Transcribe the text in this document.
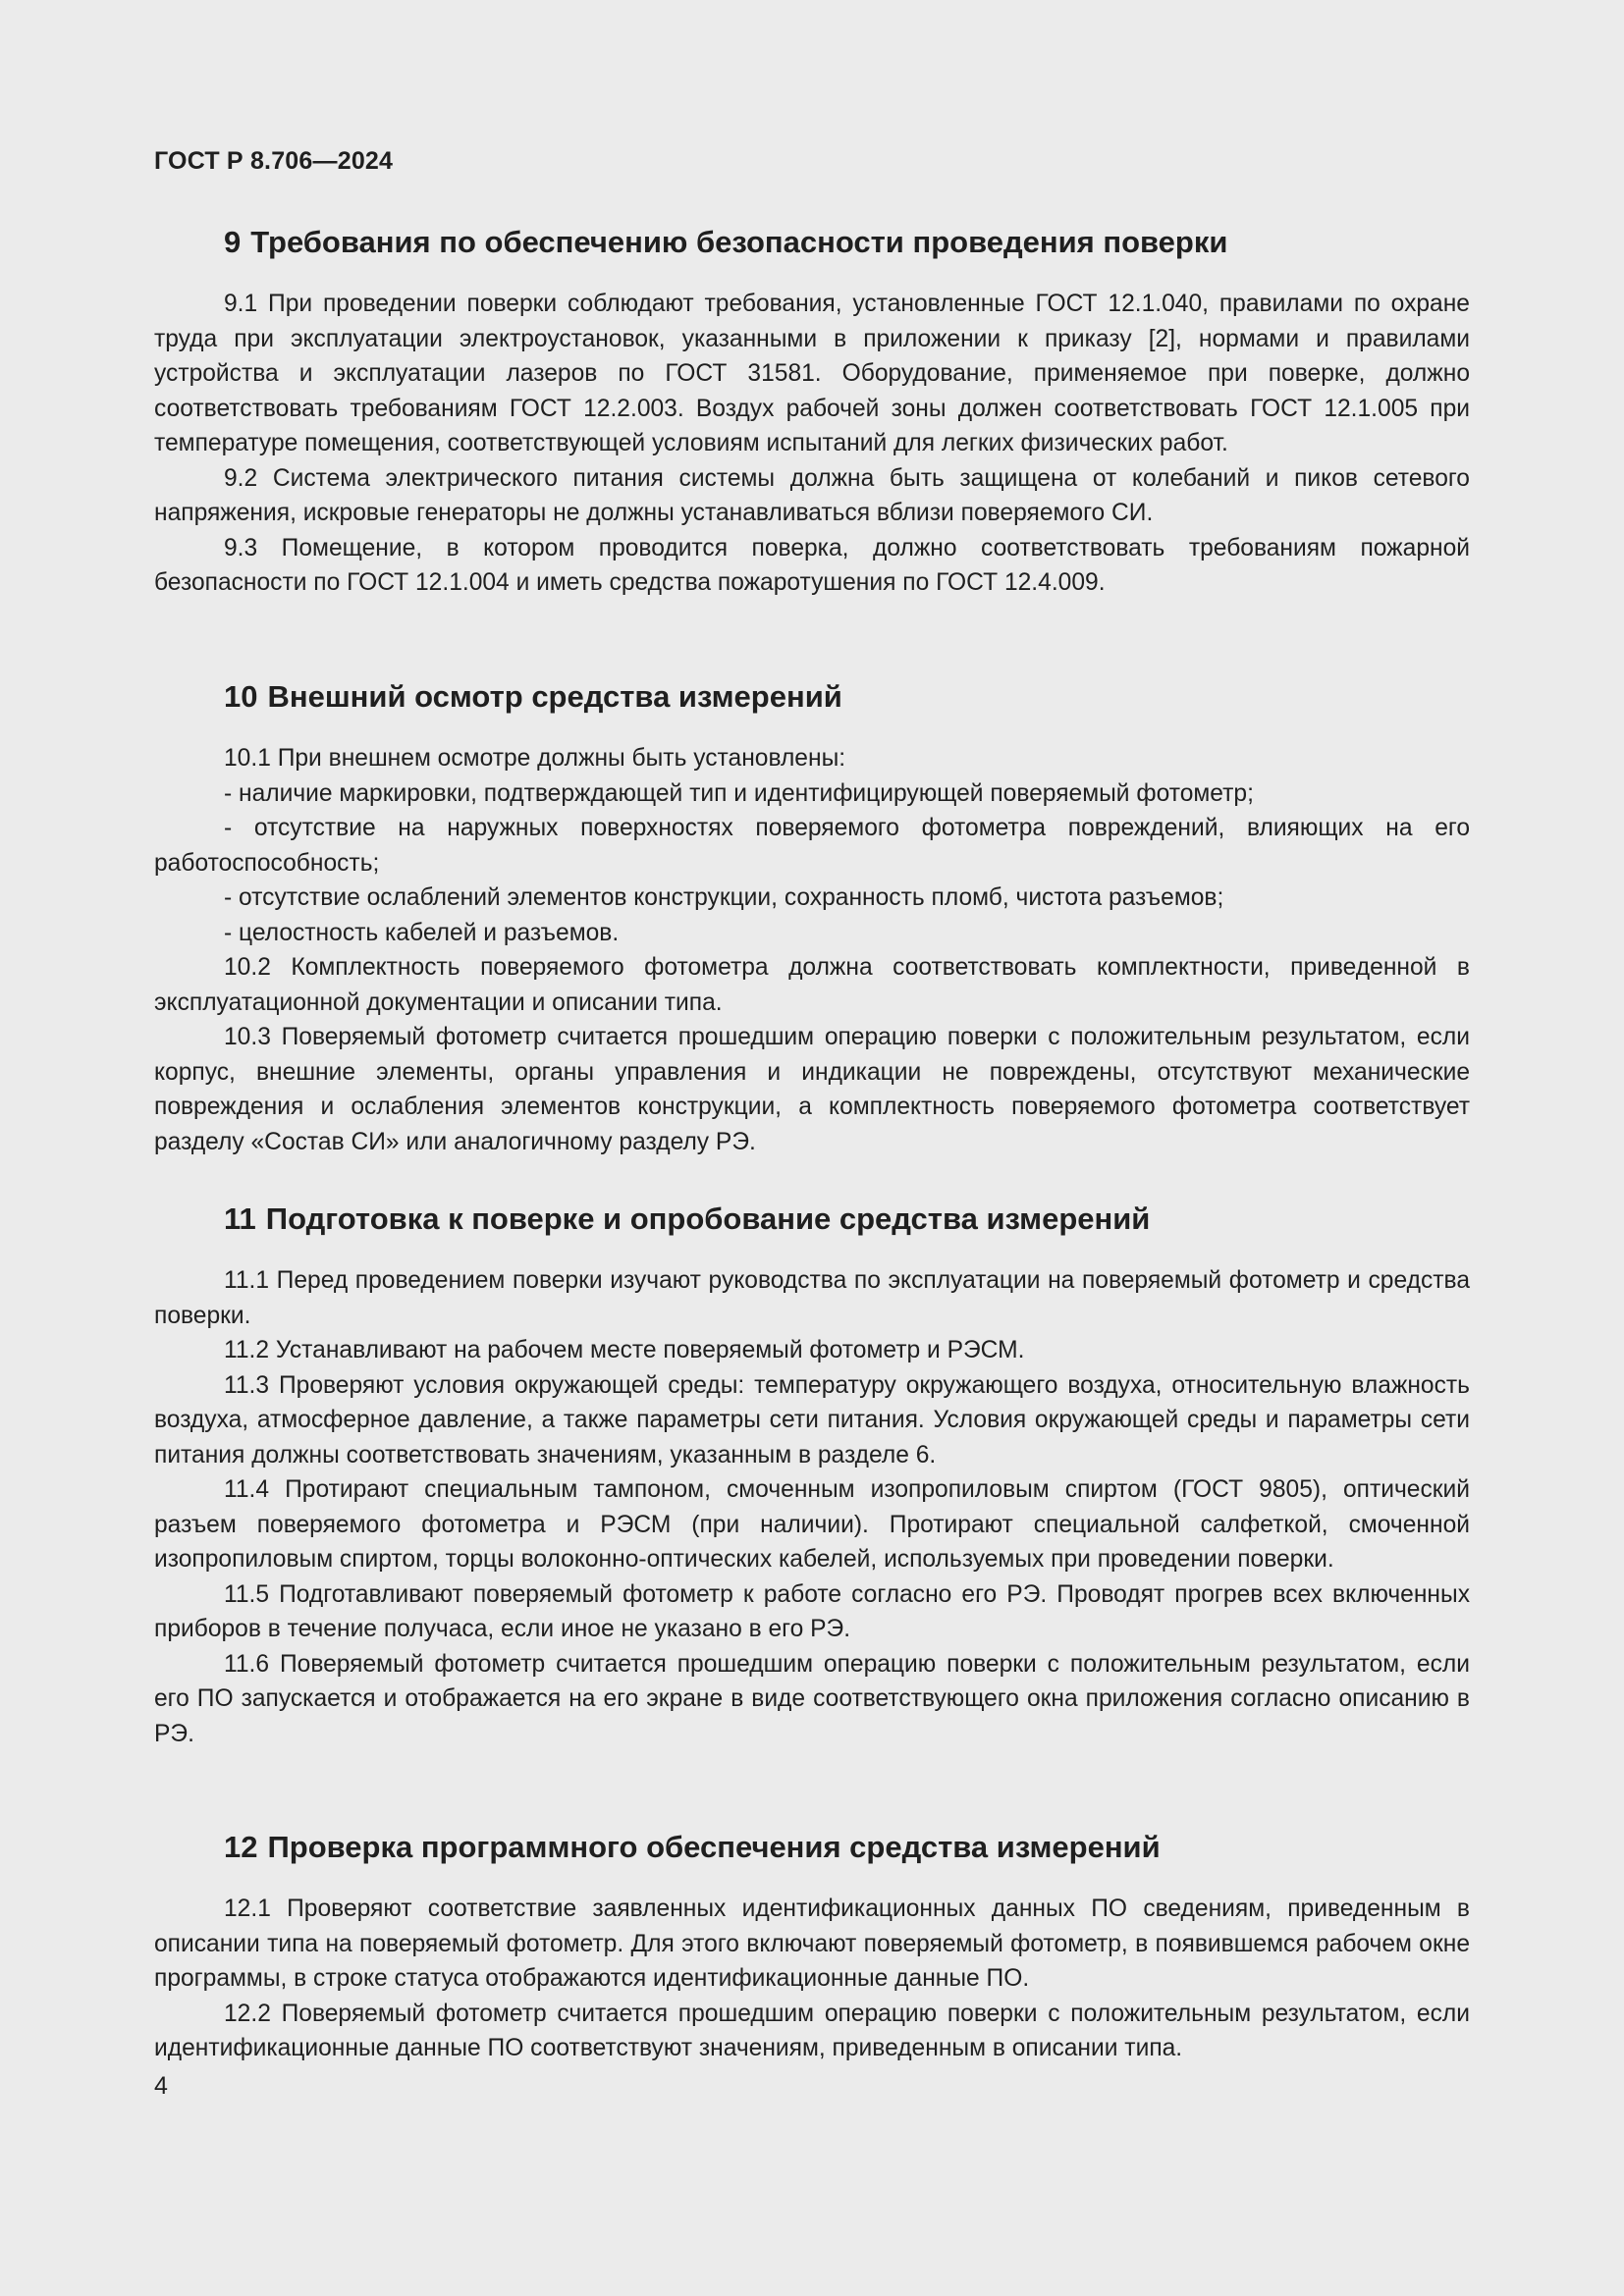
ГОСТ Р 8.706—2024
9 Требования по обеспечению безопасности проведения поверки

9.1 При проведении поверки соблюдают требования, установленные ГОСТ 12.1.040, правилами по охране труда при эксплуатации электроустановок, указанными в приложении к приказу [2], нормами и правилами устройства и эксплуатации лазеров по ГОСТ 31581. Оборудование, применяемое при поверке, должно соответствовать требованиям ГОСТ 12.2.003. Воздух рабочей зоны должен соответствовать ГОСТ 12.1.005 при температуре помещения, соответствующей условиям испытаний для легких физических работ.

9.2 Система электрического питания системы должна быть защищена от колебаний и пиков сетевого напряжения, искровые генераторы не должны устанавливаться вблизи поверяемого СИ.

9.3 Помещение, в котором проводится поверка, должно соответствовать требованиям пожарной безопасности по ГОСТ 12.1.004 и иметь средства пожаротушения по ГОСТ 12.4.009.

10 Внешний осмотр средства измерений

10.1 При внешнем осмотре должны быть установлены:

- наличие маркировки, подтверждающей тип и идентифицирующей поверяемый фотометр;

- отсутствие на наружных поверхностях поверяемого фотометра повреждений, влияющих на его работоспособность;

- отсутствие ослаблений элементов конструкции, сохранность пломб, чистота разъемов;

- целостность кабелей и разъемов.

10.2 Комплектность поверяемого фотометра должна соответствовать комплектности, приведенной в эксплуатационной документации и описании типа.

10.3 Поверяемый фотометр считается прошедшим операцию поверки с положительным результатом, если корпус, внешние элементы, органы управления и индикации не повреждены, отсутствуют механические повреждения и ослабления элементов конструкции, а комплектность поверяемого фотометра соответствует разделу «Состав СИ» или аналогичному разделу РЭ.

11 Подготовка к поверке и опробование средства измерений

11.1 Перед проведением поверки изучают руководства по эксплуатации на поверяемый фотометр и средства поверки.

11.2 Устанавливают на рабочем месте поверяемый фотометр и РЭСМ.

11.3 Проверяют условия окружающей среды: температуру окружающего воздуха, относительную влажность воздуха, атмосферное давление, а также параметры сети питания. Условия окружающей среды и параметры сети питания должны соответствовать значениям, указанным в разделе 6.

11.4 Протирают специальным тампоном, смоченным изопропиловым спиртом (ГОСТ 9805), оптический разъем поверяемого фотометра и РЭСМ (при наличии). Протирают специальной салфеткой, смоченной изопропиловым спиртом, торцы волоконно-оптических кабелей, используемых при проведении поверки.

11.5 Подготавливают поверяемый фотометр к работе согласно его РЭ. Проводят прогрев всех включенных приборов в течение получаса, если иное не указано в его РЭ.

11.6 Поверяемый фотометр считается прошедшим операцию поверки с положительным результатом, если его ПО запускается и отображается на его экране в виде соответствующего окна приложения согласно описанию в РЭ.

12 Проверка программного обеспечения средства измерений

12.1 Проверяют соответствие заявленных идентификационных данных ПО сведениям, приведенным в описании типа на поверяемый фотометр. Для этого включают поверяемый фотометр, в появившемся рабочем окне программы, в строке статуса отображаются идентификационные данные ПО.

12.2 Поверяемый фотометр считается прошедшим операцию поверки с положительным результатом, если идентификационные данные ПО соответствуют значениям, приведенным в описании типа.

4
